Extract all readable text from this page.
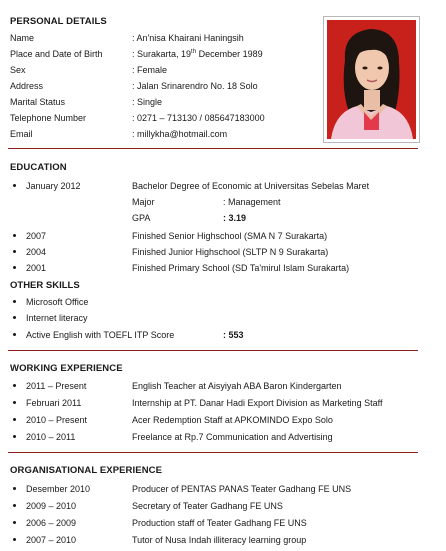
PERSONAL DETAILS
Name	: An'nisa Khairani Haningsih
Place and Date of Birth	: Surakarta, 19th December 1989
Sex	: Female
Address	: Jalan Srinarendro No. 18 Solo
Marital Status	: Single
Telephone Number	: 0271 – 713130 / 085647183000
Email	: millykha@hotmail.com
EDUCATION
January 2012	Bachelor Degree of Economic at Universitas Sebelas Maret
Major	: Management
GPA	: 3.19
2007	Finished Senior Highschool (SMA N 7 Surakarta)
2004	Finished Junior Highschool (SLTP N 9 Surakarta)
2001	Finished Primary School (SD Ta'mirul Islam Surakarta)
OTHER SKILLS
Microsoft Office
Internet literacy
Active English with TOEFL ITP Score	: 553
WORKING EXPERIENCE
2011 – Present	English Teacher at Aisyiyah ABA Baron Kindergarten
Februari 2011	Internship at PT. Danar Hadi Export Division as Marketing Staff
2010 – Present	Acer Redemption Staff at APKOMINDO Expo Solo
2010 – 2011	Freelance at Rp.7 Communication and Advertising
ORGANISATIONAL EXPERIENCE
Desember 2010	Producer of PENTAS PANAS Teater Gadhang FE UNS
2009 – 2010	Secretary of Teater Gadhang FE UNS
2006 – 2009	Production staff of Teater Gadhang FE UNS
2007 – 2010	Tutor of Nusa Indah illiteracy learning group
